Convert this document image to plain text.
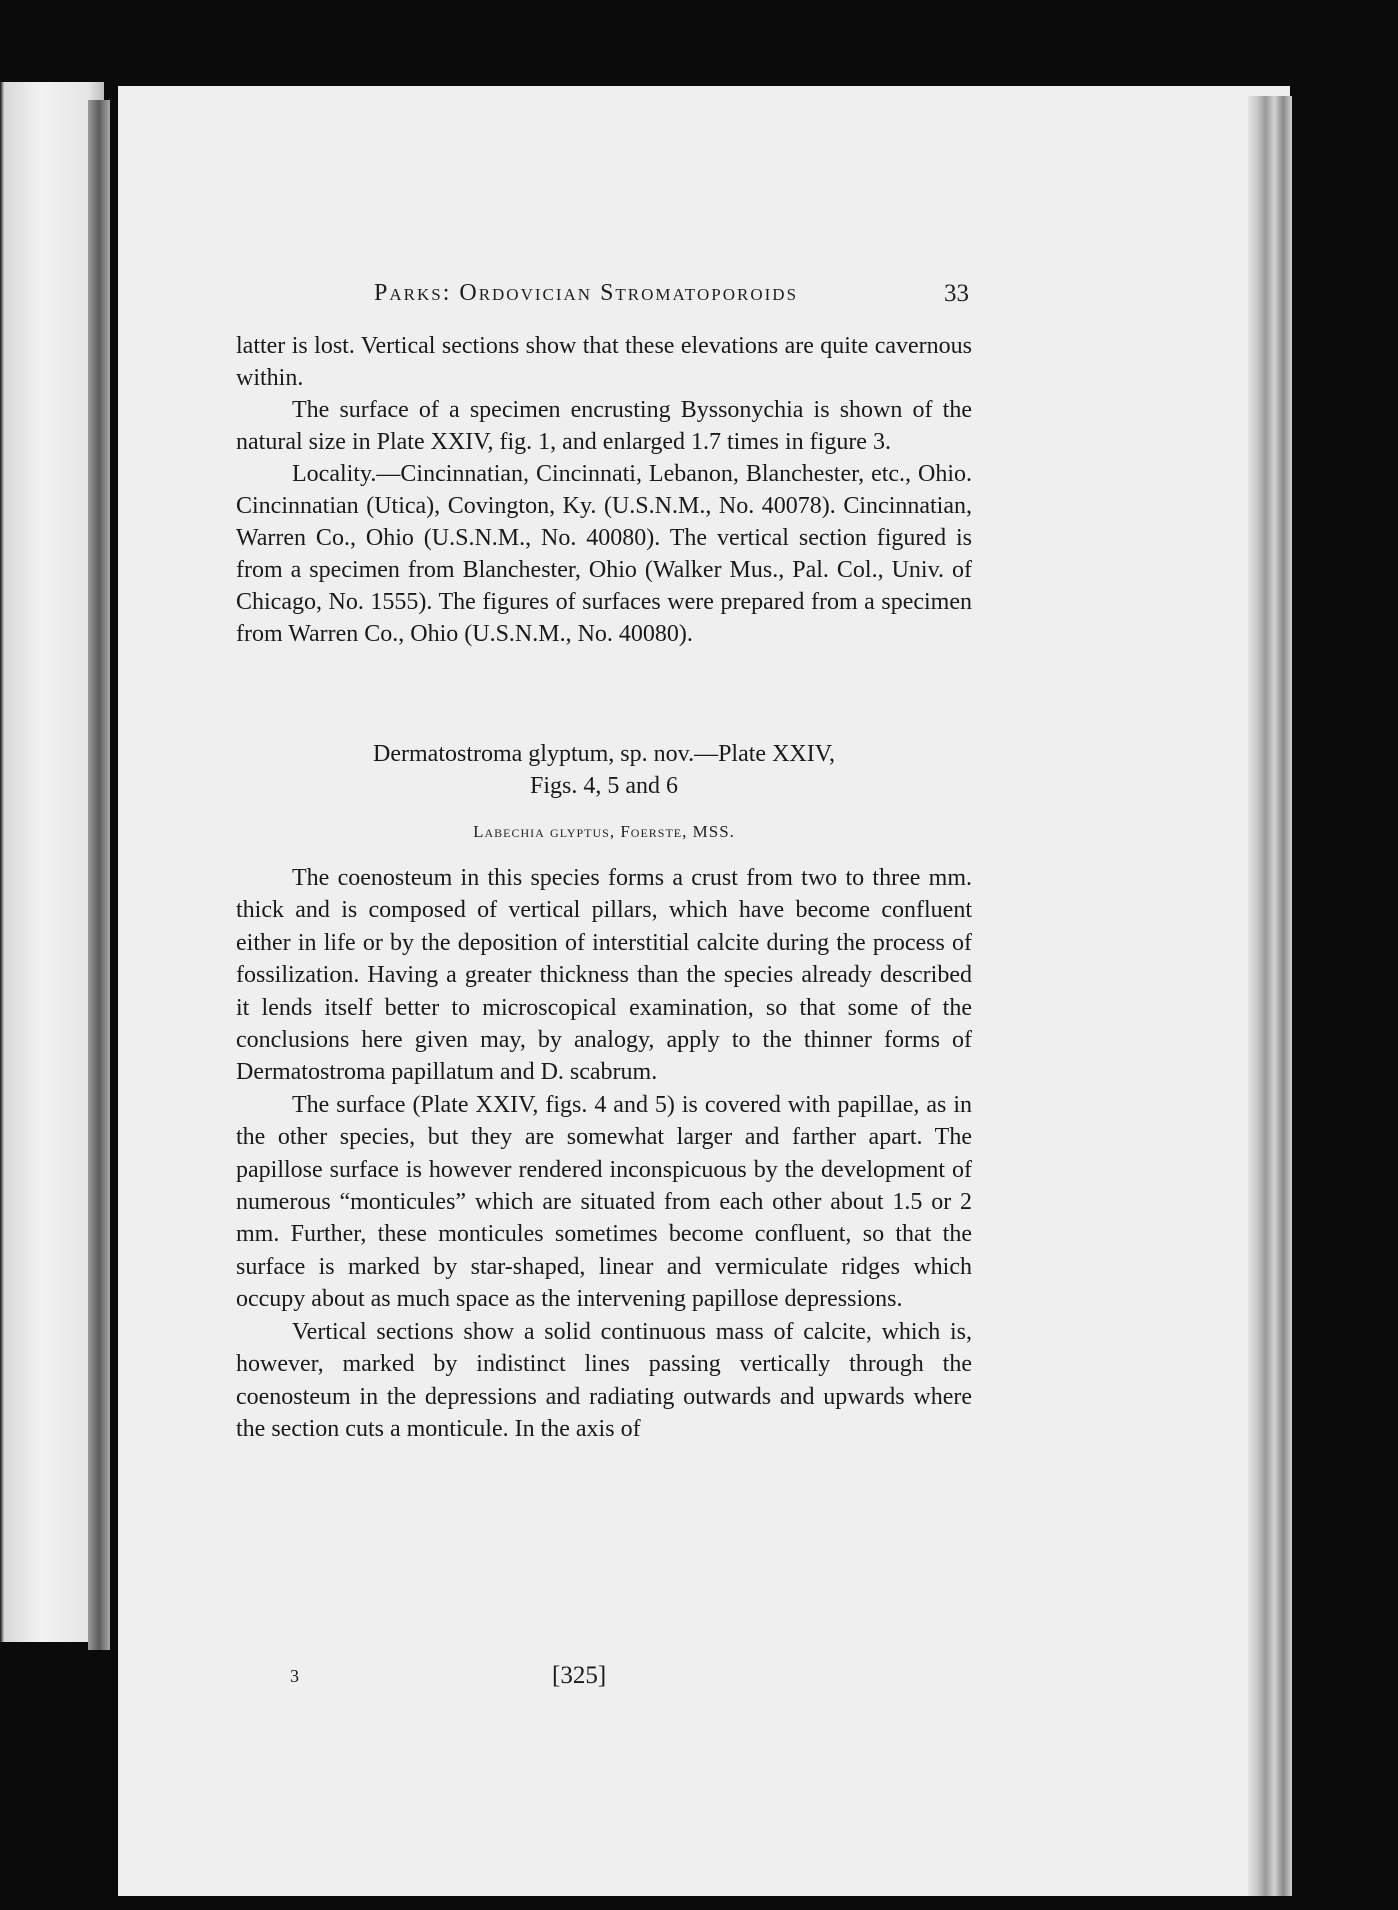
Parks: Ordovician Stromatoporoids	33

latter is lost. Vertical sections show that these elevations are quite cavernous within.

The surface of a specimen encrusting Byssonychia is shown of the natural size in Plate XXIV, fig. 1, and enlarged 1.7 times in figure 3.

Locality.—Cincinnatian, Cincinnati, Lebanon, Blanchester, etc., Ohio. Cincinnatian (Utica), Covington, Ky. (U.S.N.M., No. 40078). Cincinnatian, Warren Co., Ohio (U.S.N.M., No. 40080). The vertical section figured is from a specimen from Blanchester, Ohio (Walker Mus., Pal. Col., Univ. of Chicago, No. 1555). The figures of surfaces were prepared from a specimen from Warren Co., Ohio (U.S.N.M., No. 40080).

Dermatostroma glyptum, sp. nov.—Plate XXIV,
Figs. 4, 5 and 6
Labechia glyptus, Foerste, MSS.

The coenosteum in this species forms a crust from two to three mm. thick and is composed of vertical pillars, which have become confluent either in life or by the deposition of interstitial calcite during the process of fossilization. Having a greater thickness than the species already described it lends itself better to microscopical examination, so that some of the conclusions here given may, by analogy, apply to the thinner forms of Dermatostroma papillatum and D. scabrum.

The surface (Plate XXIV, figs. 4 and 5) is covered with papillae, as in the other species, but they are somewhat larger and farther apart. The papillose surface is however rendered inconspicuous by the development of numerous “monticules” which are situated from each other about 1.5 or 2 mm. Further, these monticules sometimes become confluent, so that the surface is marked by star-shaped, linear and vermiculate ridges which occupy about as much space as the intervening papillose depressions.

Vertical sections show a solid continuous mass of calcite, which is, however, marked by indistinct lines passing vertically through the coenosteum in the depressions and radiating outwards and upwards where the section cuts a monticule. In the axis of

3	[325]
